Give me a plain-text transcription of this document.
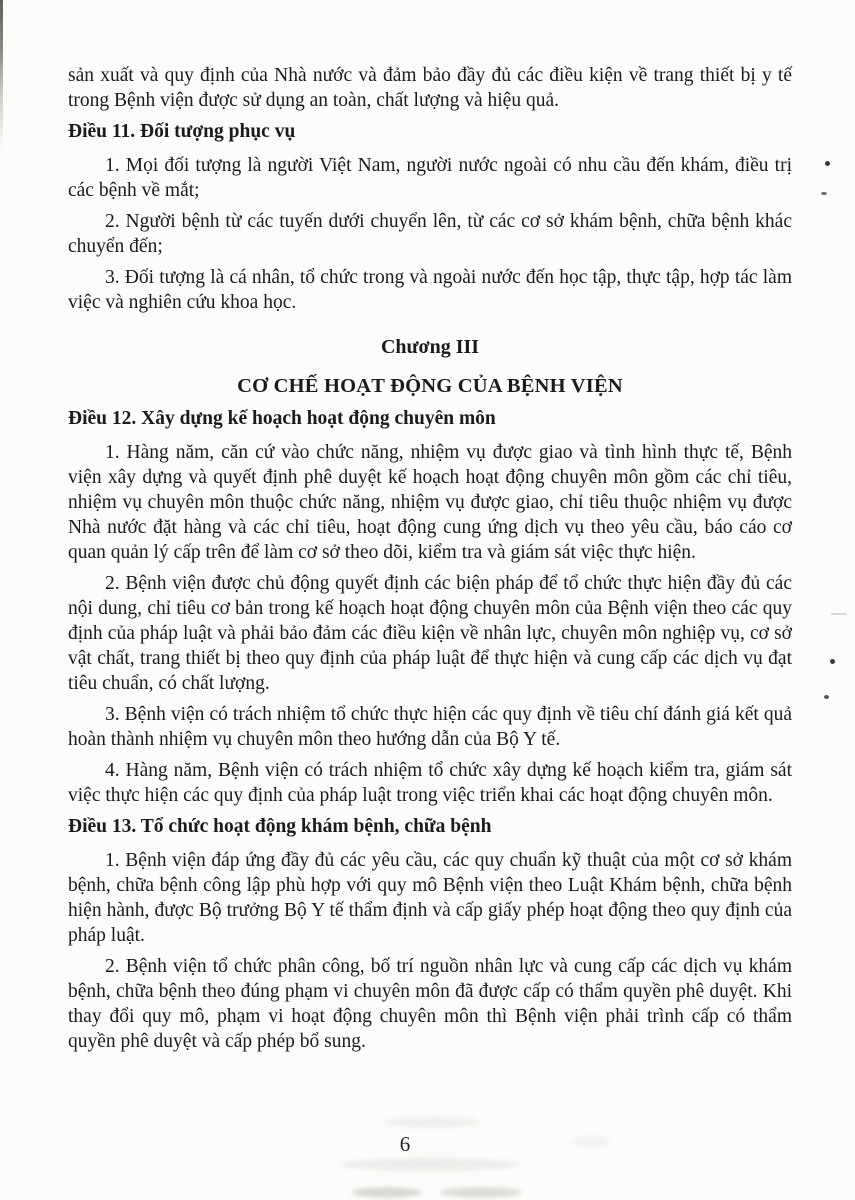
sản xuất và quy định của Nhà nước và đảm bảo đầy đủ các điều kiện về trang thiết bị y tế trong Bệnh viện được sử dụng an toàn, chất lượng và hiệu quả.

Điều 11. Đối tượng phục vụ

1. Mọi đối tượng là người Việt Nam, người nước ngoài có nhu cầu đến khám, điều trị các bệnh về mắt;

2. Người bệnh từ các tuyến dưới chuyển lên, từ các cơ sở khám bệnh, chữa bệnh khác chuyển đến;

3. Đối tượng là cá nhân, tổ chức trong và ngoài nước đến học tập, thực tập, hợp tác làm việc và nghiên cứu khoa học.

Chương III
CƠ CHẾ HOẠT ĐỘNG CỦA BỆNH VIỆN
Điều 12. Xây dựng kế hoạch hoạt động chuyên môn

1. Hàng năm, căn cứ vào chức năng, nhiệm vụ được giao và tình hình thực tế, Bệnh viện xây dựng và quyết định phê duyệt kế hoạch hoạt động chuyên môn gồm các chỉ tiêu, nhiệm vụ chuyên môn thuộc chức năng, nhiệm vụ được giao, chỉ tiêu thuộc nhiệm vụ được Nhà nước đặt hàng và các chỉ tiêu, hoạt động cung ứng dịch vụ theo yêu cầu, báo cáo cơ quan quản lý cấp trên để làm cơ sở theo dõi, kiểm tra và giám sát việc thực hiện.

2. Bệnh viện được chủ động quyết định các biện pháp để tổ chức thực hiện đầy đủ các nội dung, chỉ tiêu cơ bản trong kế hoạch hoạt động chuyên môn của Bệnh viện theo các quy định của pháp luật và phải bảo đảm các điều kiện về nhân lực, chuyên môn nghiệp vụ, cơ sở vật chất, trang thiết bị theo quy định của pháp luật để thực hiện và cung cấp các dịch vụ đạt tiêu chuẩn, có chất lượng.

3. Bệnh viện có trách nhiệm tổ chức thực hiện các quy định về tiêu chí đánh giá kết quả hoàn thành nhiệm vụ chuyên môn theo hướng dẫn của Bộ Y tế.

4. Hàng năm, Bệnh viện có trách nhiệm tổ chức xây dựng kế hoạch kiểm tra, giám sát việc thực hiện các quy định của pháp luật trong việc triển khai các hoạt động chuyên môn.

Điều 13. Tổ chức hoạt động khám bệnh, chữa bệnh

1. Bệnh viện đáp ứng đầy đủ các yêu cầu, các quy chuẩn kỹ thuật của một cơ sở khám bệnh, chữa bệnh công lập phù hợp với quy mô Bệnh viện theo Luật Khám bệnh, chữa bệnh hiện hành, được Bộ trưởng Bộ Y tế thẩm định và cấp giấy phép hoạt động theo quy định của pháp luật.

2. Bệnh viện tổ chức phân công, bố trí nguồn nhân lực và cung cấp các dịch vụ khám bệnh, chữa bệnh theo đúng phạm vi chuyên môn đã được cấp có thẩm quyền phê duyệt. Khi thay đổi quy mô, phạm vi hoạt động chuyên môn thì Bệnh viện phải trình cấp có thẩm quyền phê duyệt và cấp phép bổ sung.

6
